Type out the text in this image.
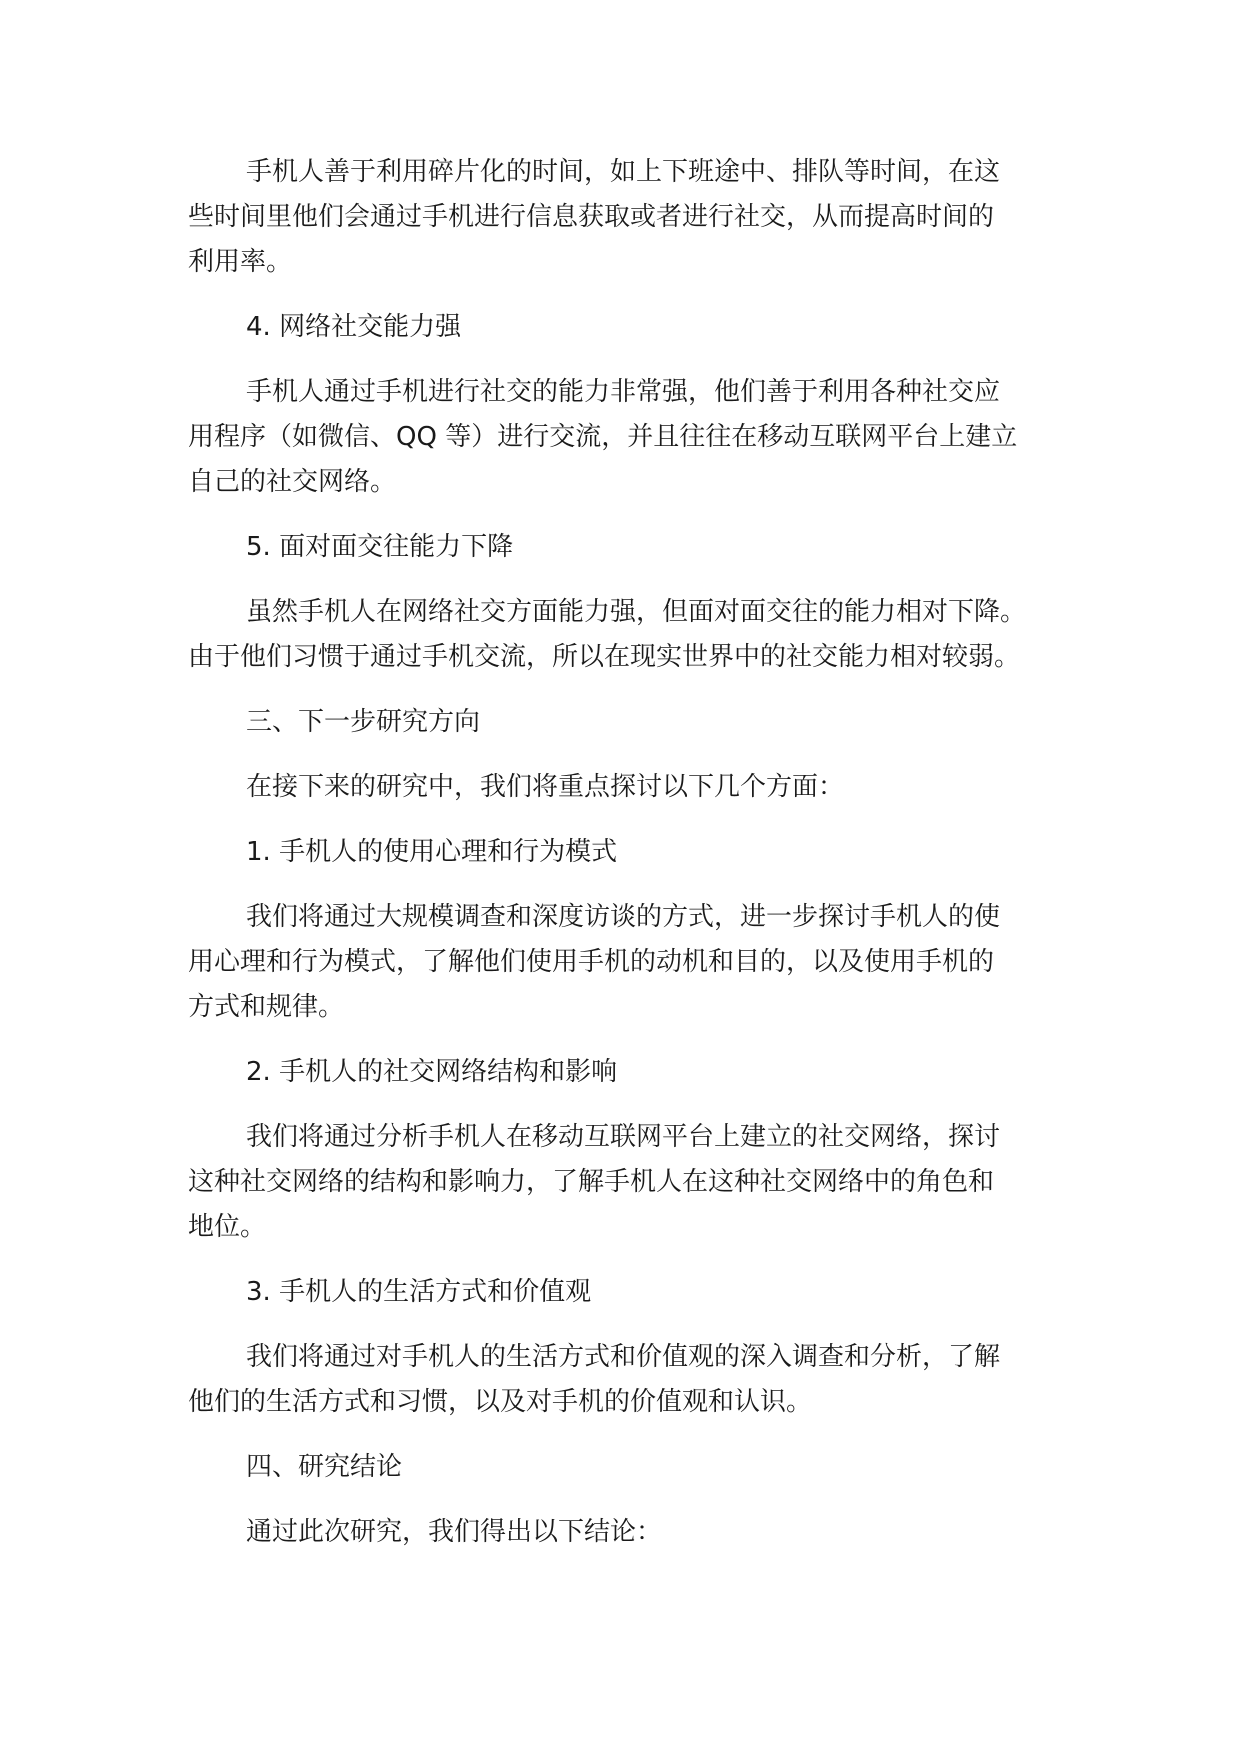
手机人善于利用碎片化的时间，如上下班途中、排队等时间，在这
些时间里他们会通过手机进行信息获取或者进行社交，从而提高时间的
利用率。
4. 网络社交能力强
手机人通过手机进行社交的能力非常强，他们善于利用各种社交应
用程序（如微信、QQ 等）进行交流，并且往往在移动互联网平台上建立
自己的社交网络。
5. 面对面交往能力下降
虽然手机人在网络社交方面能力强，但面对面交往的能力相对下降。
由于他们习惯于通过手机交流，所以在现实世界中的社交能力相对较弱。
三、下一步研究方向
在接下来的研究中，我们将重点探讨以下几个方面：
1. 手机人的使用心理和行为模式
我们将通过大规模调查和深度访谈的方式，进一步探讨手机人的使
用心理和行为模式，了解他们使用手机的动机和目的，以及使用手机的
方式和规律。
2. 手机人的社交网络结构和影响
我们将通过分析手机人在移动互联网平台上建立的社交网络，探讨
这种社交网络的结构和影响力，了解手机人在这种社交网络中的角色和
地位。
3. 手机人的生活方式和价值观
我们将通过对手机人的生活方式和价值观的深入调查和分析，了解
他们的生活方式和习惯，以及对手机的价值观和认识。
四、研究结论
通过此次研究，我们得出以下结论：
